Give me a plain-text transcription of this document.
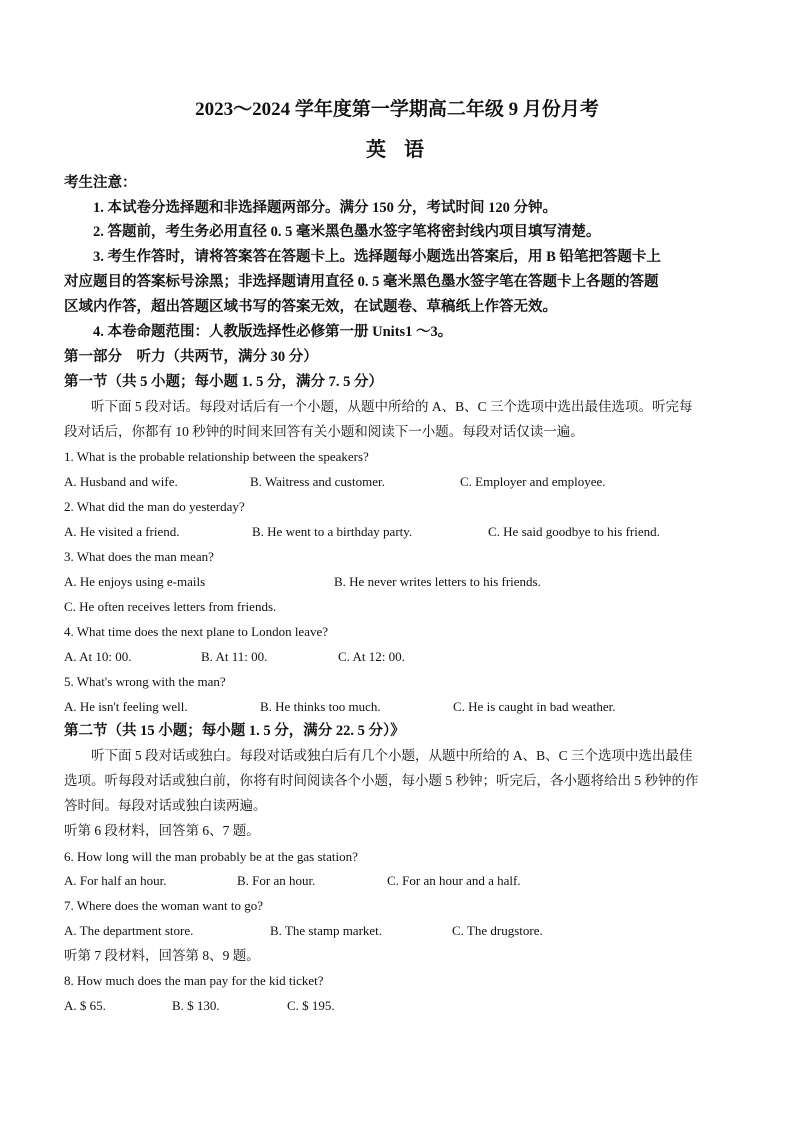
2023～2024 学年度第一学期高二年级 9 月份月考
英语
考生注意：
1. 本试卷分选择题和非选择题两部分。满分 150 分，考试时间 120 分钟。
2. 答题前，考生务必用直径 0. 5 毫米黑色墨水签字笔将密封线内项目填写清楚。
3. 考生作答时，请将答案答在答题卡上。选择题每小题选出答案后，用 B 铅笔把答题卡上
对应题目的答案标号涂黑；非选择题请用直径 0. 5 毫米黑色墨水签字笔在答题卡上各题的答题
区域内作答，超出答题区域书写的答案无效，在试题卷、草稿纸上作答无效。
4. 本卷命题范围：人教版选择性必修第一册 Units1 ～3。
第一部分　听力（共两节，满分 30 分）
第一节（共 5 小题；每小题 1. 5 分，满分 7. 5 分）
听下面 5 段对话。每段对话后有一个小题，从题中所给的 A、B、C 三个选项中选出最佳选项。听完每
段对话后，你都有 10 秒钟的时间来回答有关小题和阅读下一小题。每段对话仅读一遍。
1. What is the probable relationship between the speakers?
A. Husband and wife.	B. Waitress and customer.	C. Employer and employee.
2. What did the man do yesterday?
A. He visited a friend.	B. He went to a birthday party.	C. He said goodbye to his friend.
3. What does the man mean?
A. He enjoys using e-mails	B. He never writes letters to his friends.
C. He often receives letters from friends.
4. What time does the next plane to London leave?
A. At 10: 00.	B. At 11: 00.	C. At 12: 00.
5. What's wrong with the man?
A. He isn't feeling well.	B. He thinks too much.	C. He is caught in bad weather.
第二节（共 15 小题；每小题 1. 5 分，满分 22. 5 分）》
听下面 5 段对话或独白。每段对话或独白后有几个小题，从题中所给的 A、B、C 三个选项中选出最佳
选项。听每段对话或独白前，你将有时间阅读各个小题，每小题 5 秒钟；听完后，各小题将给出 5 秒钟的作
答时间。每段对话或独白读两遍。
听第 6 段材料，回答第 6、7 题。
6. How long will the man probably be at the gas station?
A. For half an hour.	B. For an hour.	C. For an hour and a half.
7. Where does the woman want to go?
A. The department store.	B. The stamp market.	C. The drugstore.
听第 7 段材料，回答第 8、9 题。
8. How much does the man pay for the kid ticket?
A. $ 65.	B. $ 130.	C. $ 195.
